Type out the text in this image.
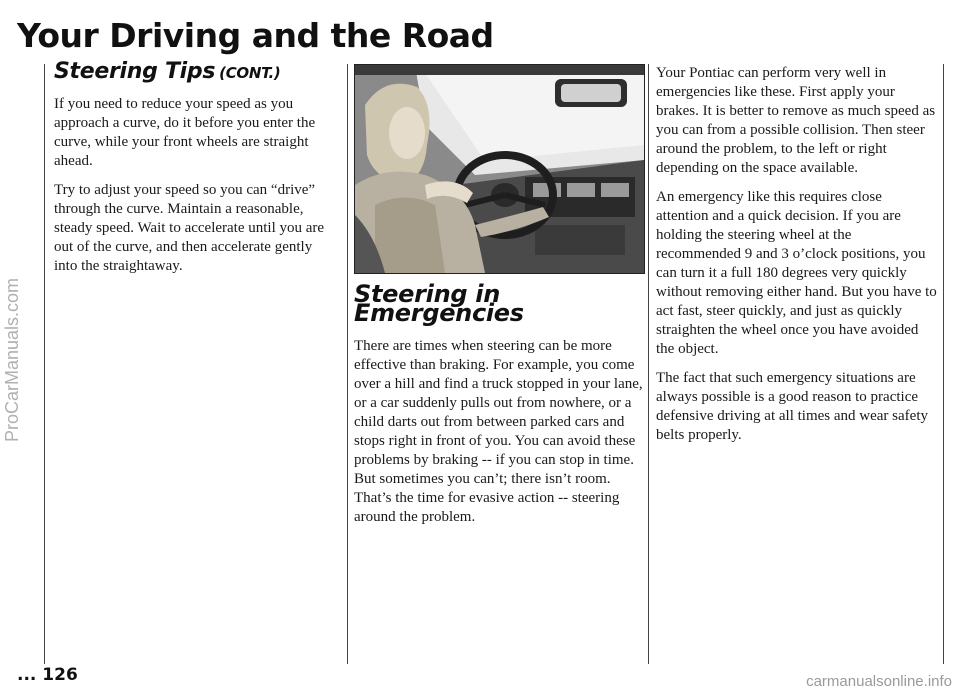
Your Driving and the Road
ProCarManuals.com
Steering Tips (CONT.)

If you need to reduce your speed as you approach a curve, do it before you enter the curve, while your front wheels are straight ahead.

Try to adjust your speed so you can “drive” through the curve. Maintain a reasonable, steady speed. Wait to accelerate until you are out of the curve, and then accelerate gently into the straightaway.

Steering in Emergencies

There are times when steering can be more effective than braking. For example, you come over a hill and find a truck stopped in your lane, or a car suddenly pulls out from nowhere, or a child darts out from between parked cars and stops right in front of you. You can avoid these problems by braking -- if you can stop in time. But sometimes you can’t; there isn’t room. That’s the time for evasive action -- steering around the problem.

Your Pontiac can perform very well in emergencies like these. First apply your brakes. It is better to remove as much speed as you can from a possible collision. Then steer around the problem, to the left or right depending on the space available.

An emergency like this requires close attention and a quick decision. If you are holding the steering wheel at the recommended 9 and 3 o’clock positions, you can turn it a full 180 degrees very quickly without removing either hand. But you have to act fast, steer quickly, and just as quickly straighten the wheel once you have avoided the object.

The fact that such emergency situations are always possible is a good reason to practice defensive driving at all times and wear safety belts properly.

... 126	carmanualsonline.info
